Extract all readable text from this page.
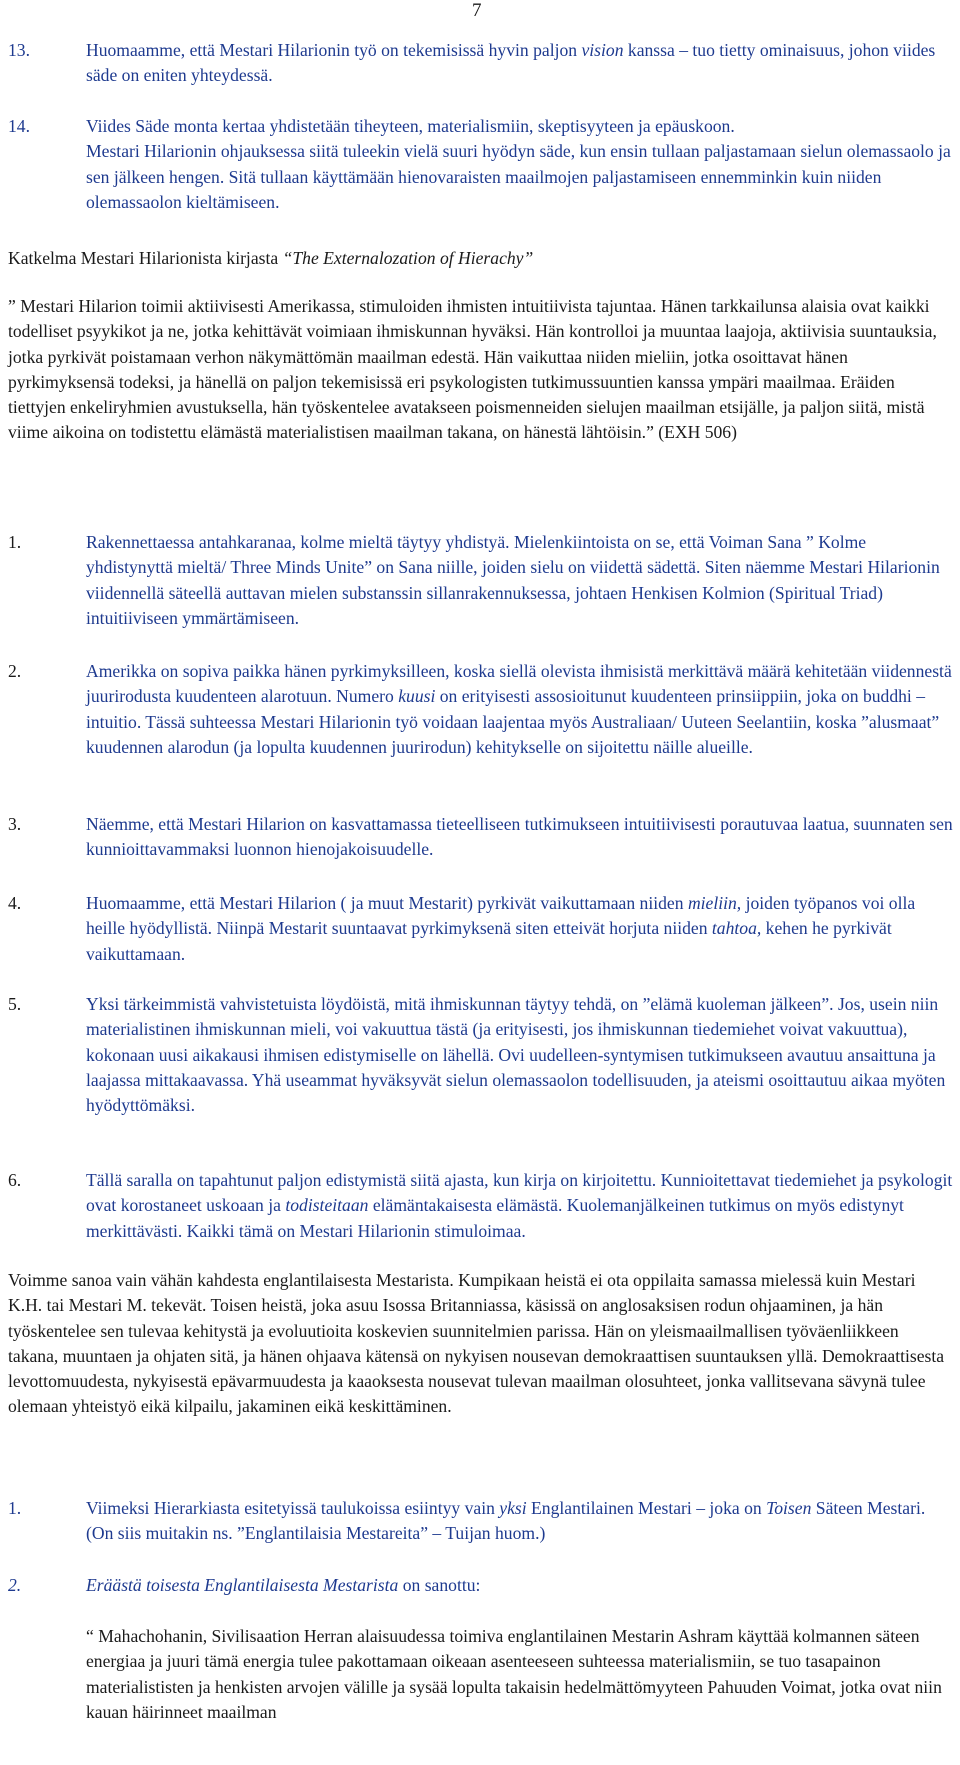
7
13.	Huomaamme, että Mestari Hilarionin työ on tekemisissä hyvin paljon vision kanssa – tuo tietty ominaisuus, johon viides säde on eniten yhteydessä.

14.	Viides Säde monta kertaa yhdistetään tiheyteen, materialismiin, skeptisyyteen ja epäuskoon.

Mestari Hilarionin ohjauksessa siitä tuleekin vielä suuri hyödyn säde, kun ensin tullaan paljastamaan sielun olemassaolo ja sen jälkeen hengen. Sitä tullaan käyttämään hienovaraisten maailmojen paljastamiseen ennemminkin kuin niiden olemassaolon kieltämiseen.

Katkelma Mestari Hilarionista kirjasta “The Externalozation of Hierachy”

” Mestari Hilarion toimii aktiivisesti Amerikassa, stimuloiden ihmisten intuitiivista tajuntaa. Hänen tarkkailunsa alaisia ovat kaikki todelliset psyykikot ja ne, jotka kehittävät voimiaan ihmiskunnan hyväksi. Hän kontrolloi ja muuntaa laajoja, aktiivisia suuntauksia, jotka pyrkivät poistamaan verhon näkymättömän maailman edestä. Hän vaikuttaa niiden mieliin, jotka osoittavat hänen pyrkimyksensä todeksi, ja hänellä on paljon tekemisissä eri psykologisten tutkimussuuntien kanssa ympäri maailmaa. Eräiden tiettyjen enkeliryhmien avustuksella, hän työskentelee avatakseen poismenneiden sielujen maailman etsijälle, ja paljon siitä, mistä viime aikoina on todistettu elämästä materialistisen maailman takana, on hänestä lähtöisin.” (EXH 506)

1.	Rakennettaessa antahkaranaa, kolme mieltä täytyy yhdistyä. Mielenkiintoista on se, että Voiman Sana ” Kolme yhdistynyttä mieltä/ Three Minds Unite” on Sana niille, joiden sielu on viidettä sädettä. Siten näemme Mestari Hilarionin viidennellä säteellä auttavan mielen substanssin sillanrakennuksessa, johtaen Henkisen Kolmion (Spiritual Triad) intuitiiviseen ymmärtämiseen.

2.	Amerikka on sopiva paikka hänen pyrkimyksilleen, koska siellä olevista ihmisistä merkittävä määrä kehitetään viidennestä juurirodusta kuudenteen alarotuun. Numero kuusi on erityisesti assosioitunut kuudenteen prinsiippiin, joka on buddhi – intuitio. Tässä suhteessa Mestari Hilarionin työ voidaan laajentaa myös Australiaan/ Uuteen Seelantiin, koska ”alusmaat” kuudennen alarodun (ja lopulta kuudennen juurirodun) kehitykselle on sijoitettu näille alueille.

3.	Näemme, että Mestari Hilarion on kasvattamassa tieteelliseen tutkimukseen intuitiivisesti porautuvaa laatua, suunnaten sen kunnioittavammaksi luonnon hienojakoisuudelle.

4.	Huomaamme, että Mestari Hilarion ( ja muut Mestarit) pyrkivät vaikuttamaan niiden mieliin, joiden työpanos voi olla heille hyödyllistä. Niinpä Mestarit suuntaavat pyrkimyksenä siten etteivät horjuta niiden tahtoa, kehen he pyrkivät vaikuttamaan.

5.	Yksi tärkeimmistä vahvistetuista löydöistä, mitä ihmiskunnan täytyy tehdä, on ”elämä kuoleman jälkeen”. Jos, usein niin materialistinen ihmiskunnan mieli, voi vakuuttua tästä (ja erityisesti, jos ihmiskunnan tiedemiehet voivat vakuuttua), kokonaan uusi aikakausi ihmisen edistymiselle on lähellä. Ovi uudelleen-syntymisen tutkimukseen avautuu ansaittuna ja laajassa mittakaavassa. Yhä useammat hyväksyvät sielun olemassaolon todellisuuden, ja ateismi osoittautuu aikaa myöten hyödyttömäksi.

6.	Tällä saralla on tapahtunut paljon edistymistä siitä ajasta, kun kirja on kirjoitettu. Kunnioitettavat tiedemiehet ja psykologit ovat korostaneet uskoaan ja todisteitaan elämäntakaisesta elämästä. Kuolemanjälkeinen tutkimus on myös edistynyt merkittävästi. Kaikki tämä on Mestari Hilarionin stimuloimaa.

Voimme sanoa vain vähän kahdesta englantilaisesta Mestarista. Kumpikaan heistä ei ota oppilaita samassa mielessä kuin Mestari K.H. tai Mestari M. tekevät. Toisen heistä, joka asuu Isossa Britanniassa, käsissä on anglosaksisen rodun ohjaaminen, ja hän työskentelee sen tulevaa kehitystä ja evoluutioita koskevien suunnitelmien parissa. Hän on yleismaailmallisen työväenliikkeen takana, muuntaen ja ohjaten sitä, ja hänen ohjaava kätensä on nykyisen nousevan demokraattisen suuntauksen yllä. Demokraattisesta levottomuudesta, nykyisestä epävarmuudesta ja kaaoksesta nousevat tulevan maailman olosuhteet, jonka vallitsevana sävynä tulee olemaan yhteistyö eikä kilpailu, jakaminen eikä keskittäminen.

1.	Viimeksi Hierarkiasta esitetyissä taulukoissa esiintyy vain yksi Englantilainen Mestari – joka on Toisen Säteen Mestari. (On siis muitakin ns. ”Englantilaisia Mestareita” – Tuijan huom.)

2.	Eräästä toisesta Englantilaisesta Mestarista on sanottu:

“ Mahachohanin, Sivilisaation Herran alaisuudessa toimiva englantilainen Mestarin Ashram käyttää kolmannen säteen energiaa ja juuri tämä energia tulee pakottamaan oikeaan asenteeseen suhteessa materialismiin, se tuo tasapainon materialististen ja henkisten arvojen välille ja sysää lopulta takaisin hedelmättömyyteen Pahuuden Voimat, jotka ovat niin kauan häirinneet maailman
